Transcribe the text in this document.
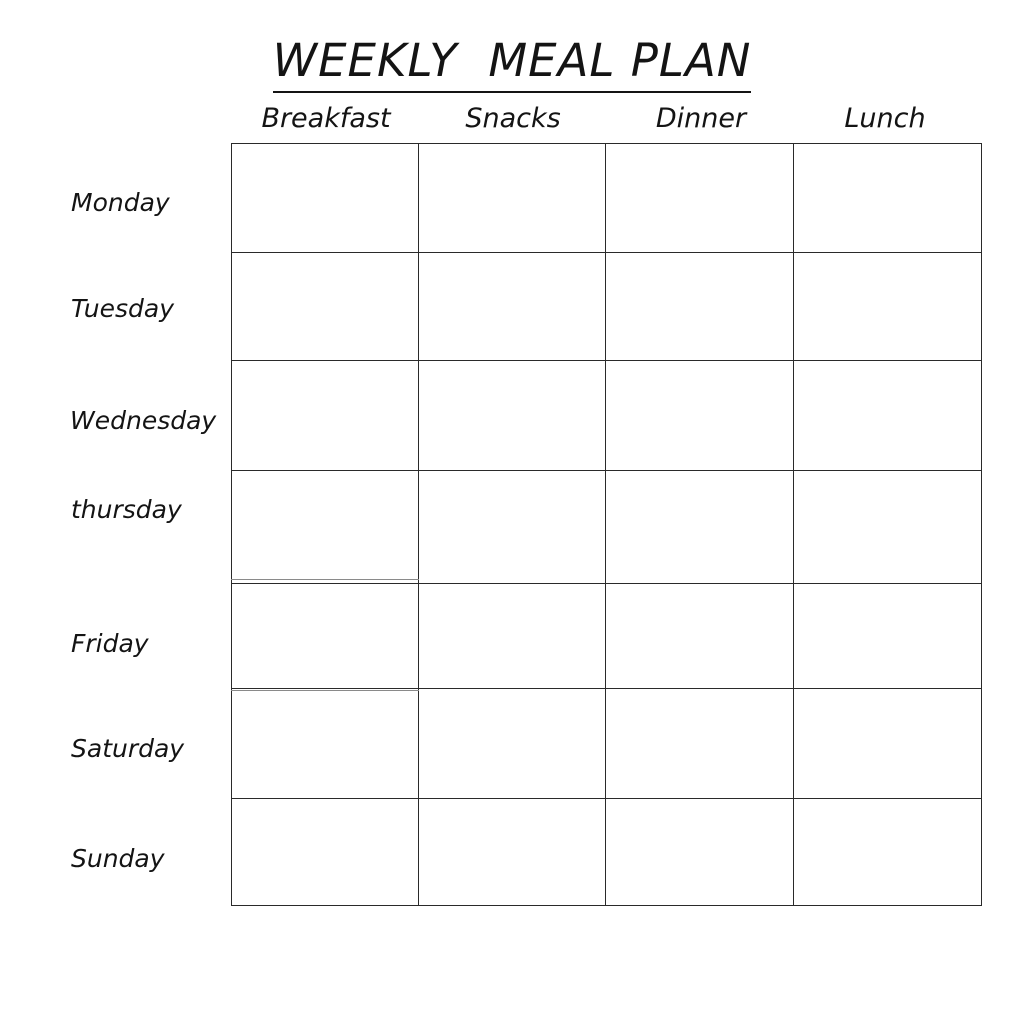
WEEKLY  MEAL PLAN
Breakfast	Snacks	Dinner	Lunch
Monday
Tuesday
Wednesday
thursday
Friday
Saturday
Sunday
